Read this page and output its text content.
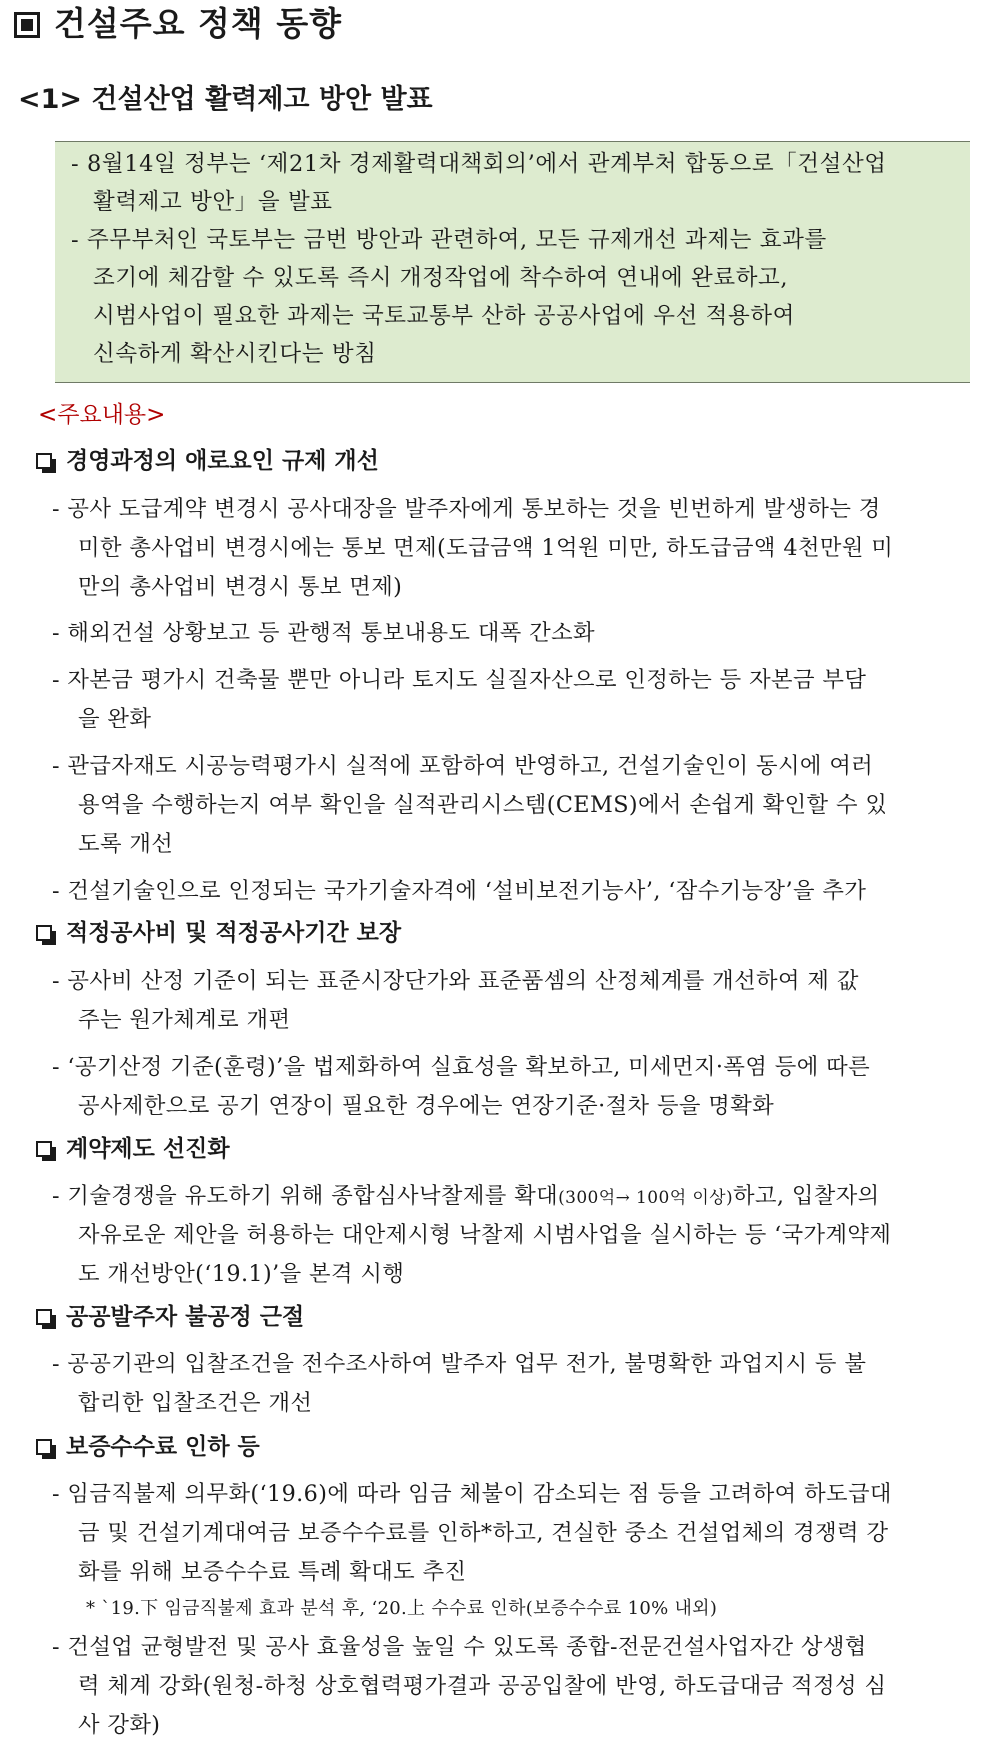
건설주요 정책 동향
<1> 건설산업 활력제고 방안 발표
- 8월14일 정부는 ‘제21차 경제활력대책회의’에서 관계부처 합동으로「건설산업
활력제고 방안」을 발표
- 주무부처인 국토부는 금번 방안과 관련하여, 모든 규제개선 과제는 효과를
조기에 체감할 수 있도록 즉시 개정작업에 착수하여 연내에 완료하고,
시범사업이 필요한 과제는 국토교통부 산하 공공사업에 우선 적용하여
신속하게 확산시킨다는 방침
<주요내용>
경영과정의 애로요인 규제 개선
- 공사 도급계약 변경시 공사대장을 발주자에게 통보하는 것을 빈번하게 발생하는 경
미한 총사업비 변경시에는 통보 면제(도급금액 1억원 미만, 하도급금액 4천만원 미
만의 총사업비 변경시 통보 면제)
- 해외건설 상황보고 등 관행적 통보내용도 대폭 간소화
- 자본금 평가시 건축물 뿐만 아니라 토지도 실질자산으로 인정하는 등 자본금 부담
을 완화
- 관급자재도 시공능력평가시 실적에 포함하여 반영하고, 건설기술인이 동시에 여러
용역을 수행하는지 여부 확인을 실적관리시스템(CEMS)에서 손쉽게 확인할 수 있
도록 개선
- 건설기술인으로 인정되는 국가기술자격에 ‘설비보전기능사’, ‘잠수기능장’을 추가
적정공사비 및 적정공사기간 보장
- 공사비 산정 기준이 되는 표준시장단가와 표준품셈의 산정체계를 개선하여 제 값
주는 원가체계로 개편
- ‘공기산정 기준(훈령)’을 법제화하여 실효성을 확보하고, 미세먼지·폭염 등에 따른
공사제한으로 공기 연장이 필요한 경우에는 연장기준·절차 등을 명확화
계약제도 선진화
- 기술경쟁을 유도하기 위해 종합심사낙찰제를 확대(300억→ 100억 이상)하고, 입찰자의
자유로운 제안을 허용하는 대안제시형 낙찰제 시범사업을 실시하는 등 ‘국가계약제
도 개선방안(‘19.1)’을 본격 시행
공공발주자 불공정 근절
- 공공기관의 입찰조건을 전수조사하여 발주자 업무 전가, 불명확한 과업지시 등 불
합리한 입찰조건은 개선
보증수수료 인하 등
- 임금직불제 의무화(‘19.6)에 따라 임금 체불이 감소되는 점 등을 고려하여 하도급대
금 및 건설기계대여금 보증수수료를 인하*하고, 견실한 중소 건설업체의 경쟁력 강
화를 위해 보증수수료 특례 확대도 추진
* `19.下 임금직불제 효과 분석 후, ‘20.上 수수료 인하(보증수수료 10% 내외)
- 건설업 균형발전 및 공사 효율성을 높일 수 있도록 종합-전문건설사업자간 상생협
력 체계 강화(원청-하청 상호협력평가결과 공공입찰에 반영, 하도급대금 적정성 심
사 강화)
